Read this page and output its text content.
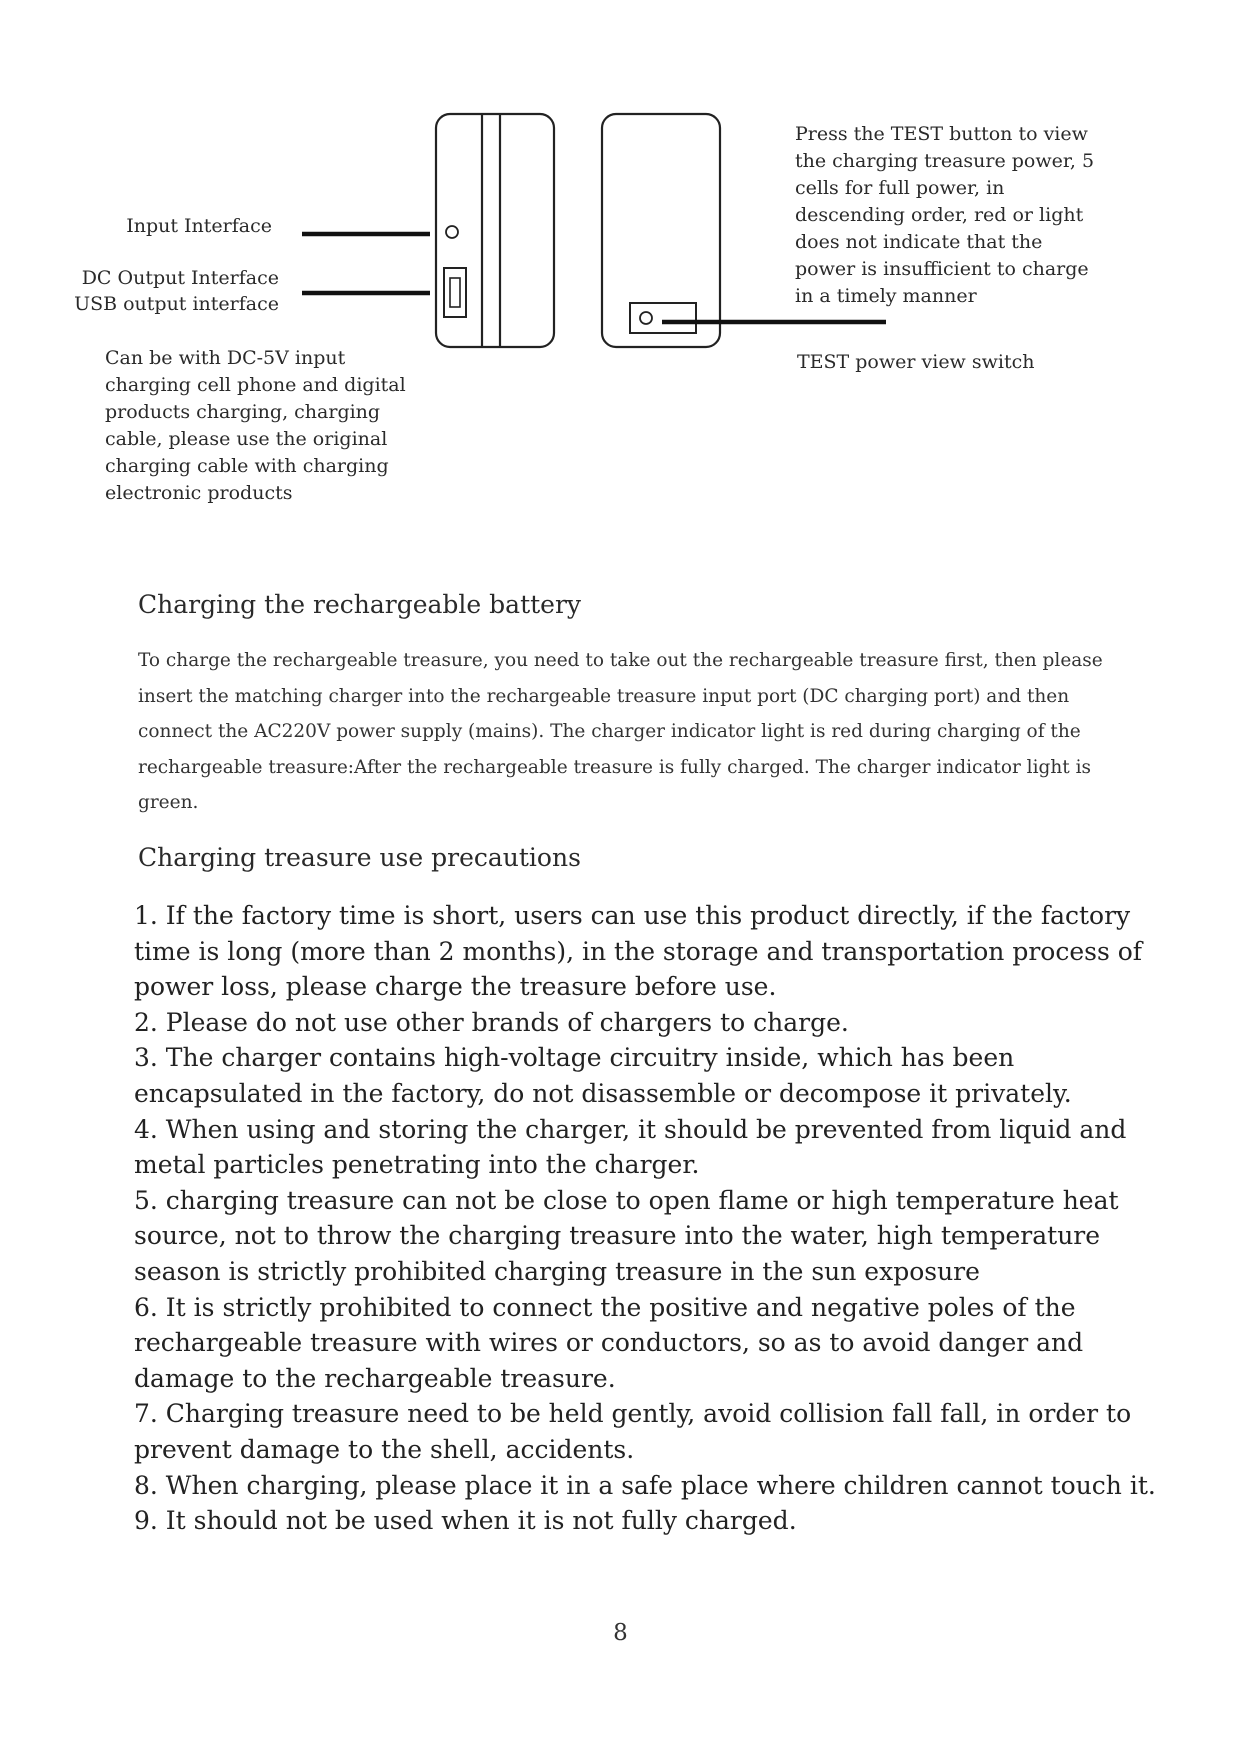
Input Interface
DC Output Interface
USB output interface
Can be with DC-5V input charging cell phone and digital products charging, charging cable, please use the original charging cable with charging electronic products
Press the TEST button to view the charging treasure power, 5 cells for full power, in descending order, red or light does not indicate that the power is insufficient to charge in a timely manner
TEST power view switch
Charging the rechargeable battery
To charge the rechargeable treasure, you need to take out the rechargeable treasure first, then please insert the matching charger into the rechargeable treasure input port (DC charging port) and then connect the AC220V power supply (mains). The charger indicator light is red during charging of the rechargeable treasure:After the rechargeable treasure is fully charged. The charger indicator light is green.
Charging treasure use precautions

1. If the factory time is short, users can use this product directly, if the factory time is long (more than 2 months), in the storage and transportation process of power loss, please charge the treasure before use.

2. Please do not use other brands of chargers to charge.

3. The charger contains high-voltage circuitry inside, which has been encapsulated in the factory, do not disassemble or decompose it privately.

4. When using and storing the charger, it should be prevented from liquid and metal particles penetrating into the charger.

5. charging treasure can not be close to open flame or high temperature heat source, not to throw the charging treasure into the water, high temperature season is strictly prohibited charging treasure in the sun exposure

6. It is strictly prohibited to connect the positive and negative poles of the rechargeable treasure with wires or conductors, so as to avoid danger and damage to the rechargeable treasure.

7. Charging treasure need to be held gently, avoid collision fall fall, in order to prevent damage to the shell, accidents.

8. When charging, please place it in a safe place where children cannot touch it.

9. It should not be used when it is not fully charged.

8
